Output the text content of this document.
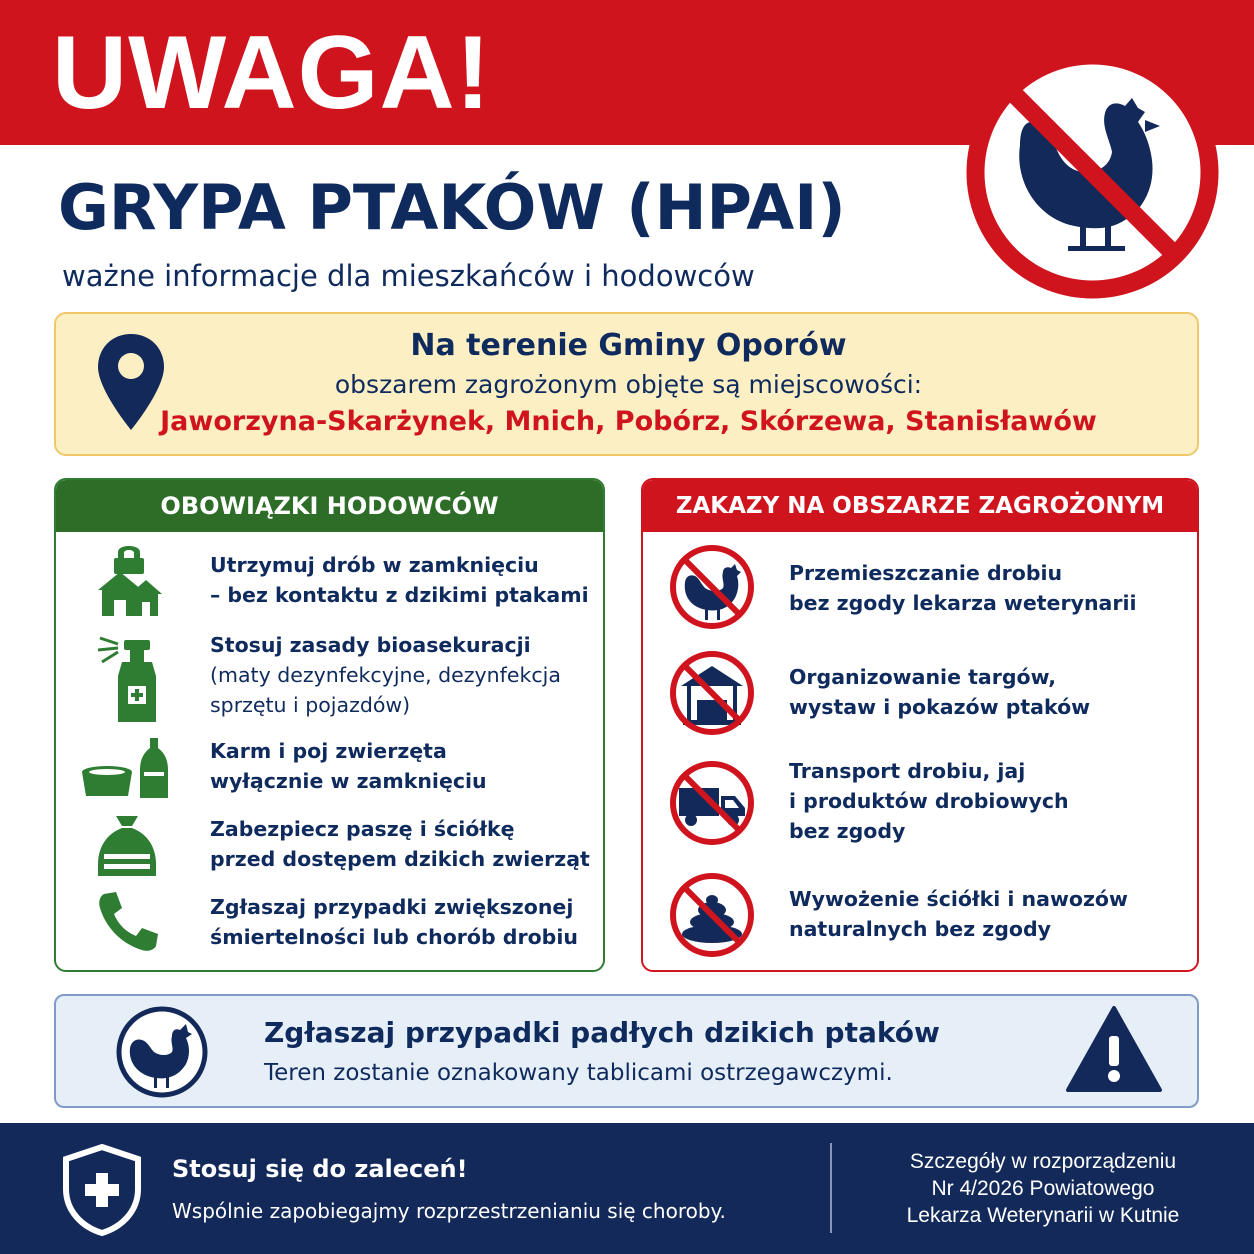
UWAGA!
GRYPA PTAKÓW (HPAI)
ważne informacje dla mieszkańców i hodowców
Na terenie Gminy Oporów
obszarem zagrożonym objęte są miejscowości:
Jaworzyna-Skarżynek, Mnich, Pobórz, Skórzewa, Stanisławów
OBOWIĄZKI HODOWCÓW
Utrzymuj drób w zamknięciu
– bez kontaktu z dzikimi ptakami
Stosuj zasady bioasekuracji
(maty dezynfekcyjne, dezynfekcja
sprzętu i pojazdów)
Karm i poj zwierzęta
wyłącznie w zamknięciu
Zabezpiecz paszę i ściółkę
przed dostępem dzikich zwierząt
Zgłaszaj przypadki zwiększonej
śmiertelności lub chorób drobiu
ZAKAZY NA OBSZARZE ZAGROŻONYM
Przemieszczanie drobiu
bez zgody lekarza weterynarii
Organizowanie targów,
wystaw i pokazów ptaków
Transport drobiu, jaj
i produktów drobiowych
bez zgody
Wywożenie ściółki i nawozów
naturalnych bez zgody
Zgłaszaj przypadki padłych dzikich ptaków
Teren zostanie oznakowany tablicami ostrzegawczymi.
Stosuj się do zaleceń!
Wspólnie zapobiegajmy rozprzestrzenianiu się choroby.
Szczegóły w rozporządzeniu
Nr 4/2026 Powiatowego
Lekarza Weterynarii w Kutnie
